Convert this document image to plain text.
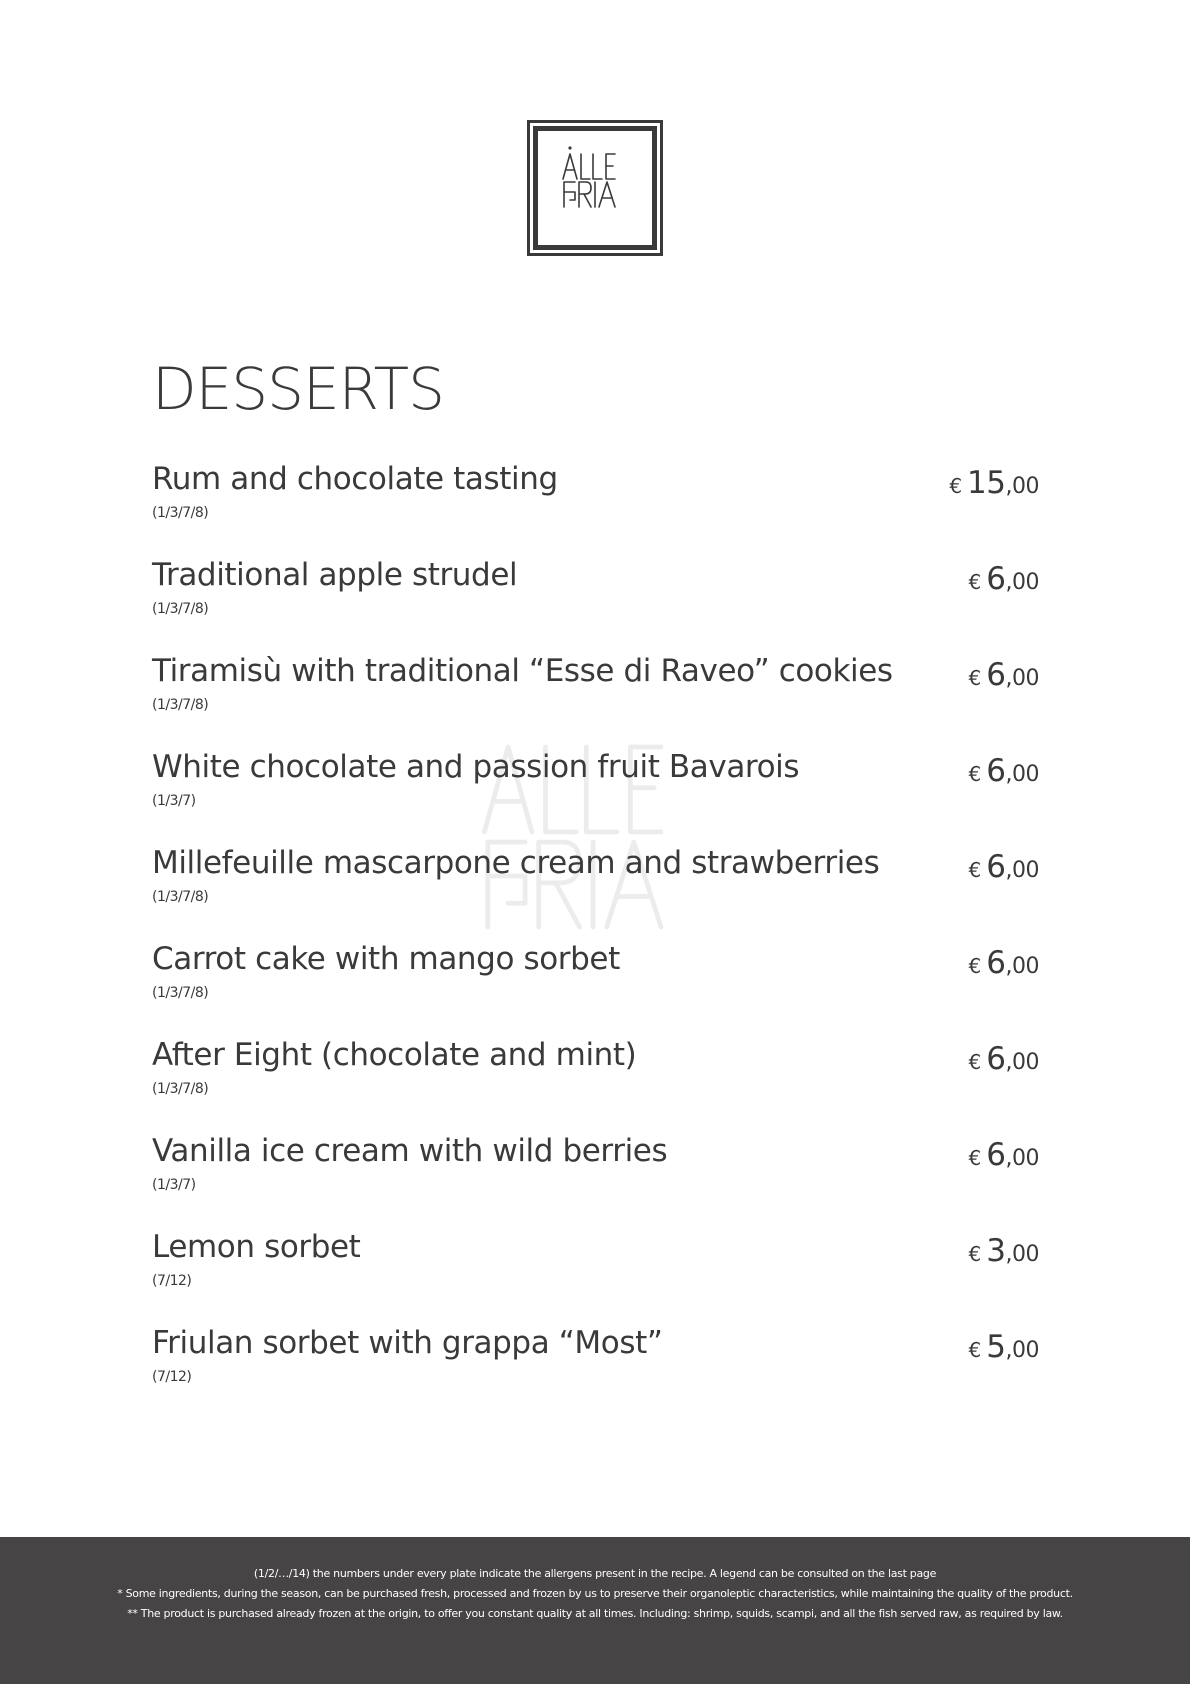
DESSERTS
Rum and chocolate tasting
(1/3/7/8)
€ 15,00
Traditional apple strudel
(1/3/7/8)
€ 6,00
Tiramisù with traditional “Esse di Raveo” cookies
(1/3/7/8)
€ 6,00
White chocolate and passion fruit Bavarois
(1/3/7)
€ 6,00
Millefeuille mascarpone cream and strawberries
(1/3/7/8)
€ 6,00
Carrot cake with mango sorbet
(1/3/7/8)
€ 6,00
After Eight (chocolate and mint)
(1/3/7/8)
€ 6,00
Vanilla ice cream with wild berries
(1/3/7)
€ 6,00
Lemon sorbet
(7/12)
€ 3,00
Friulan sorbet with grappa “Most”
(7/12)
€ 5,00
(1/2/…/14) the numbers under every plate indicate the allergens present in the recipe. A legend can be consulted on the last page
* Some ingredients, during the season, can be purchased fresh, processed and frozen by us to preserve their organoleptic characteristics, while maintaining the quality of the product.
** The product is purchased already frozen at the origin, to offer you constant quality at all times. Including: shrimp, squids, scampi, and all the fish served raw, as required by law.
